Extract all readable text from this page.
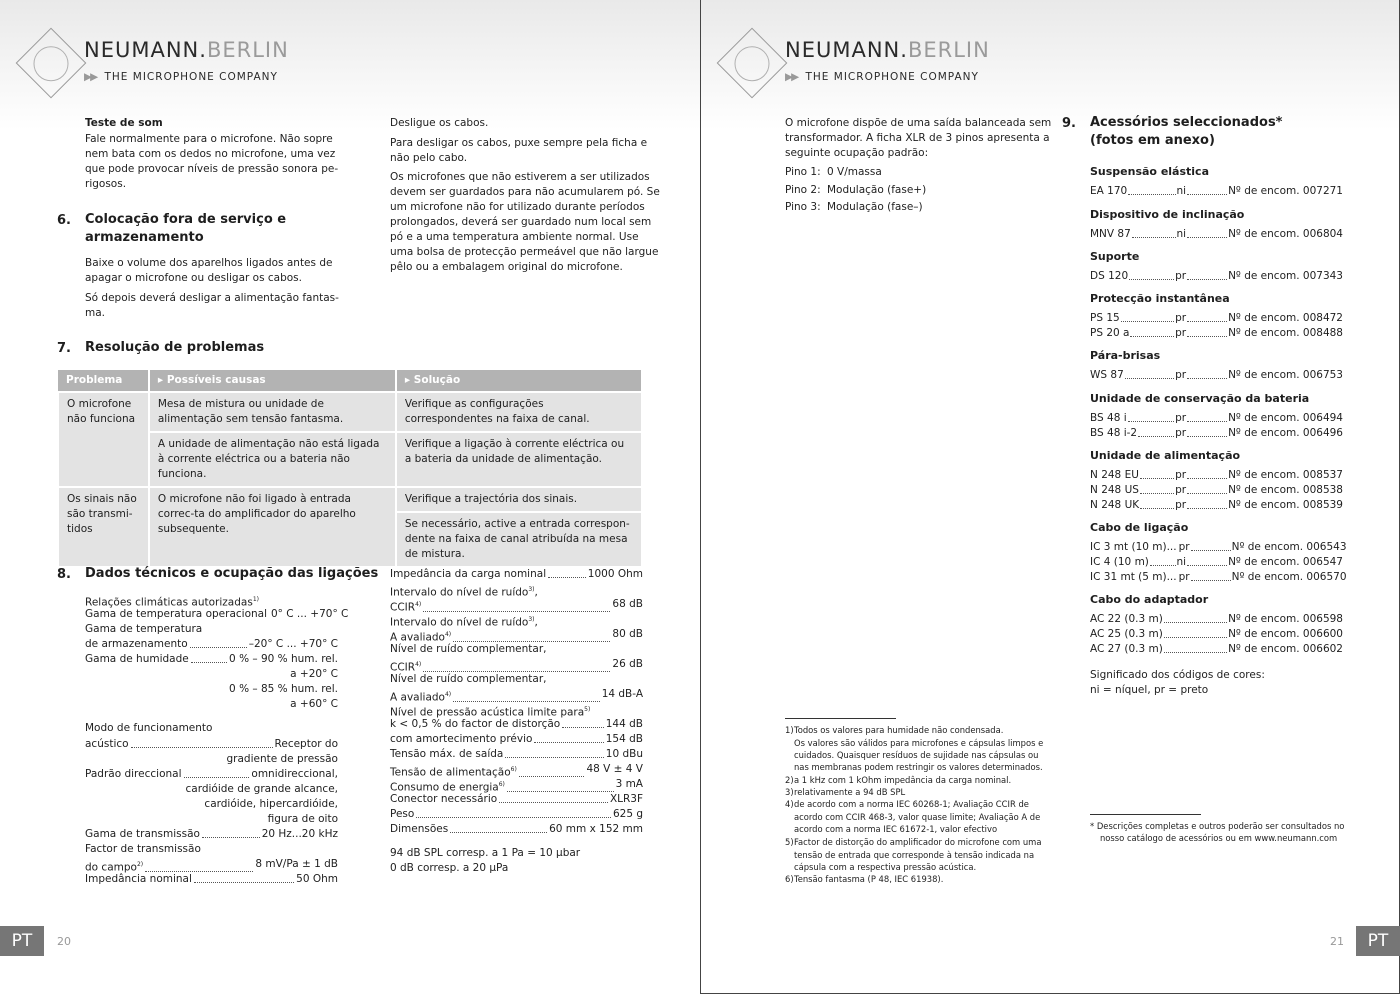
NEUMANN.BERLIN
▶▶ THE MICROPHONE COMPANY
Teste de som
Fale normalmente para o microfone. Não sopre
nem bata com os dedos no microfone, uma vez
que pode provocar níveis de pressão sonora pe-
rigosos.
6. Colocação fora de serviço e
armazenamento
Baixe o volume dos aparelhos ligados antes de
apagar o microfone ou desligar os cabos.
Só depois deverá desligar a alimentação fantas-
ma.
Desligue os cabos.
Para desligar os cabos, puxe sempre pela ficha e
não pelo cabo.
Os microfones que não estiverem a ser utilizados
devem ser guardados para não acumularem pó. Se
um microfone não for utilizado durante períodos
prolongados, deverá ser guardado num local sem
pó e a uma temperatura ambiente normal. Use
uma bolsa de protecção permeável que não largue
pêlo ou a embalagem original do microfone.
7. Resolução de problemas
Problema	▸ Possíveis causas	▸ Solução
O microfone não funciona	Mesa de mistura ou unidade de alimentação sem tensão fantasma.	Verifique as configurações correspondentes na faixa de canal.
	A unidade de alimentação não está ligada à corrente eléctrica ou a bateria não funciona.	Verifique a ligação à corrente eléctrica ou a bateria da unidade de alimentação.
Os sinais não são transmi-tidos	O microfone não foi ligado à entrada correc-ta do amplificador do aparelho subsequente.	Verifique a trajectória dos sinais.
		Se necessário, active a entrada correspon-dente na faixa de canal atribuída na mesa de mistura.
8. Dados técnicos e ocupação das ligações
Relações climáticas autorizadas$^{1)}$
Gama de temperatura operacional 0° C ... +70° C
Gama de temperatura
de armazenamento	–20° C ... +70° C
Gama de humidade	0 % – 90 % hum. rel.
a +20° C
0 % – 85 % hum. rel.
a +60° C
Modo de funcionamento
acústico	Receptor do
gradiente de pressão
Padrão direccional	omnidireccional,
cardióide de grande alcance,
cardióide, hipercardióide,
figura de oito
Gama de transmissão	20 Hz...20 kHz
Factor de transmissão
do campo$^{2)}$	8 mV/Pa ± 1 dB
Impedância nominal	50 Ohm
Impedância da carga nominal	1000 Ohm
Intervalo do nível de ruído$^{3)}$,
CCIR$^{4)}$	68 dB
Intervalo do nível de ruído$^{3)}$,
A avaliado$^{4)}$	80 dB
Nível de ruído complementar,
CCIR$^{4)}$	26 dB
Nível de ruído complementar,
A avaliado$^{4)}$	14 dB-A
Nível de pressão acústica limite para$^{5)}$
k < 0,5 % do factor de distorção	144 dB
com amortecimento prévio	154 dB
Tensão máx. de saída	10 dBu
Tensão de alimentação$^{6)}$	48 V ± 4 V
Consumo de energia$^{6)}$	3 mA
Conector necessário	XLR3F
Peso	625 g
Dimensões	60 mm x 152 mm
94 dB SPL corresp. a 1 Pa = 10 µbar
0 dB corresp. a 20 µPa
PT	20
NEUMANN.BERLIN
▶▶ THE MICROPHONE COMPANY
O microfone dispõe de uma saída balanceada sem
transformador. A ficha XLR de 3 pinos apresenta a
seguinte ocupação padrão:
Pino 1: 0 V/massa
Pino 2: Modulação (fase+)
Pino 3: Modulação (fase–)
1) Todos os valores para humidade não condensada.
Os valores são válidos para microfones e cápsulas limpos e
cuidados. Quaisquer resíduos de sujidade nas cápsulas ou
nas membranas podem restringir os valores determinados.
2) a 1 kHz com 1 kOhm impedância da carga nominal.
3) relativamente a 94 dB SPL
4) de acordo com a norma IEC 60268-1; Avaliação CCIR de
acordo com CCIR 468-3, valor quase limite; Avaliação A de
acordo com a norma IEC 61672-1, valor efectivo
5) Factor de distorção do amplificador do microfone com uma
tensão de entrada que corresponde à tensão indicada na
cápsula com a respectiva pressão acústica.
6) Tensão fantasma (P 48, IEC 61938).
9. Acessórios seleccionados*
(fotos em anexo)
Suspensão elástica
EA 170	ni	Nº de encom. 007271
Dispositivo de inclinação
MNV 87	ni	Nº de encom. 006804
Suporte
DS 120	pr	Nº de encom. 007343
Protecção instantânea
PS 15	pr	Nº de encom. 008472
PS 20 a	pr	Nº de encom. 008488
Pára-brisas
WS 87	pr	Nº de encom. 006753
Unidade de conservação da bateria
BS 48 i	pr	Nº de encom. 006494
BS 48 i-2	pr	Nº de encom. 006496
Unidade de alimentação
N 248 EU	pr	Nº de encom. 008537
N 248 US	pr	Nº de encom. 008538
N 248 UK	pr	Nº de encom. 008539
Cabo de ligação
IC 3 mt (10 m)... pr	Nº de encom. 006543
IC 4 (10 m)	ni	Nº de encom. 006547
IC 31 mt (5 m)... pr	Nº de encom. 006570
Cabo do adaptador
AC 22 (0.3 m)	Nº de encom. 006598
AC 25 (0.3 m)	Nº de encom. 006600
AC 27 (0.3 m)	Nº de encom. 006602
Significado dos códigos de cores:
ni = níquel, pr = preto
* Descrições completas e outros poderão ser consultados no
nosso catálogo de acessórios ou em www.neumann.com
21	PT
